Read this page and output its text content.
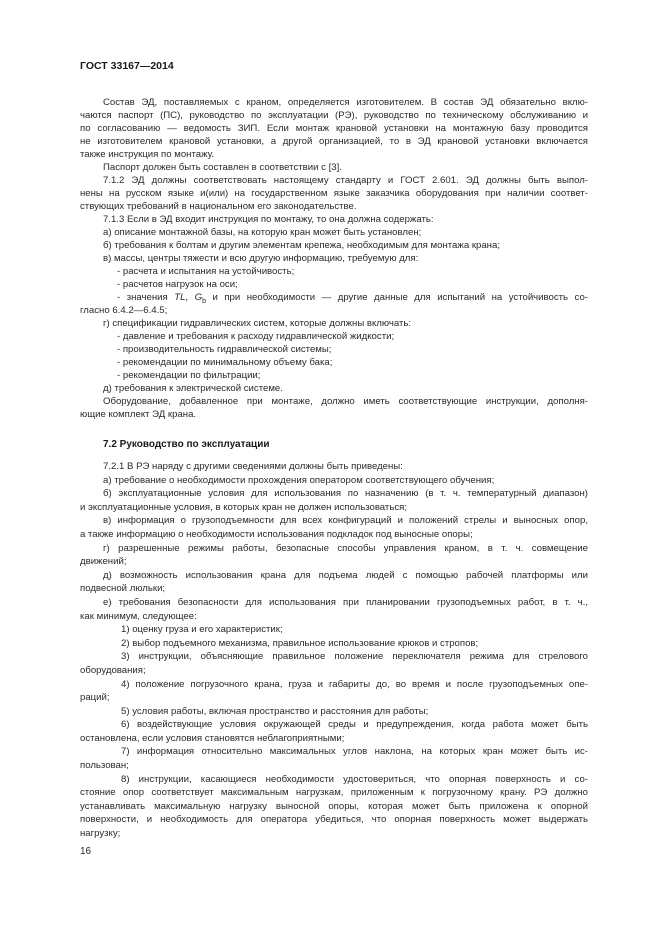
ГОСТ 33167—2014
Состав ЭД, поставляемых с краном, определяется изготовителем. В состав ЭД обязательно вклю-
чаются паспорт (ПС), руководство по эксплуатации (РЭ), руководство по техническому обслуживанию и
по согласованию — ведомость ЗИП. Если монтаж крановой установки на монтажную базу проводится
не изготовителем крановой установки, а другой организацией, то в ЭД крановой установки включается
также инструкция по монтажу.
Паспорт должен быть составлен в соответствии с [3].
7.1.2 ЭД должны соответствовать настоящему стандарту и ГОСТ 2.601. ЭД должны быть выпол-
нены на русском языке и(или) на государственном языке заказчика оборудования при наличии соответ-
ствующих требований в национальном его законодательстве.
7.1.3 Если в ЭД входит инструкция по монтажу, то она должна содержать:
а) описание монтажной базы, на которую кран может быть установлен;
б) требования к болтам и другим элементам крепежа, необходимым для монтажа крана;
в) массы, центры тяжести и всю другую информацию, требуемую для:
- расчета и испытания на устойчивость;
- расчетов нагрузок на оси;
- значения TL, $G_b$ и при необходимости — другие данные для испытаний на устойчивость со-
гласно 6.4.2—6.4.5;
г) спецификации гидравлических систем, которые должны включать:
- давление и требования к расходу гидравлической жидкости;
- производительность гидравлической системы;
- рекомендации по минимальному объему бака;
- рекомендации по фильтрации;
д) требования к электрической системе.
Оборудование, добавленное при монтаже, должно иметь соответствующие инструкции, дополня-
ющие комплект ЭД крана.
7.2 Руководство по эксплуатации
7.2.1 В РЭ наряду с другими сведениями должны быть приведены:
а) требование о необходимости прохождения оператором соответствующего обучения;
б) эксплуатационные условия для использования по назначению (в т. ч. температурный диапазон)
и эксплуатационные условия, в которых кран не должен использоваться;
в) информация о грузоподъемности для всех конфигураций и положений стрелы и выносных опор,
а также информацию о необходимости использования подкладок под выносные опоры;
г) разрешенные режимы работы, безопасные способы управления краном, в т. ч. совмещение
движений;
д) возможность использования крана для подъема людей с помощью рабочей платформы или
подвесной люльки;
е) требования безопасности для использования при планировании грузоподъемных работ, в т. ч.,
как минимум, следующее:
1) оценку груза и его характеристик;
2) выбор подъемного механизма, правильное использование крюков и стропов;
3) инструкции, объясняющие правильное положение переключателя режима для стрелового
оборудования;
4) положение погрузочного крана, груза и габариты до, во время и после грузоподъемных опе-
раций;
5) условия работы, включая пространство и расстояния для работы;
6) воздействующие условия окружающей среды и предупреждения, когда работа может быть
остановлена, если условия становятся неблагоприятными;
7) информация относительно максимальных углов наклона, на которых кран может быть ис-
пользован;
8) инструкции, касающиеся необходимости удостовериться, что опорная поверхность и со-
стояние опор соответствует максимальным нагрузкам, приложенным к погрузочному крану. РЭ должно
устанавливать максимальную нагрузку выносной опоры, которая может быть приложена к опорной
поверхности, и необходимость для оператора убедиться, что опорная поверхность может выдержать
нагрузку;
16
